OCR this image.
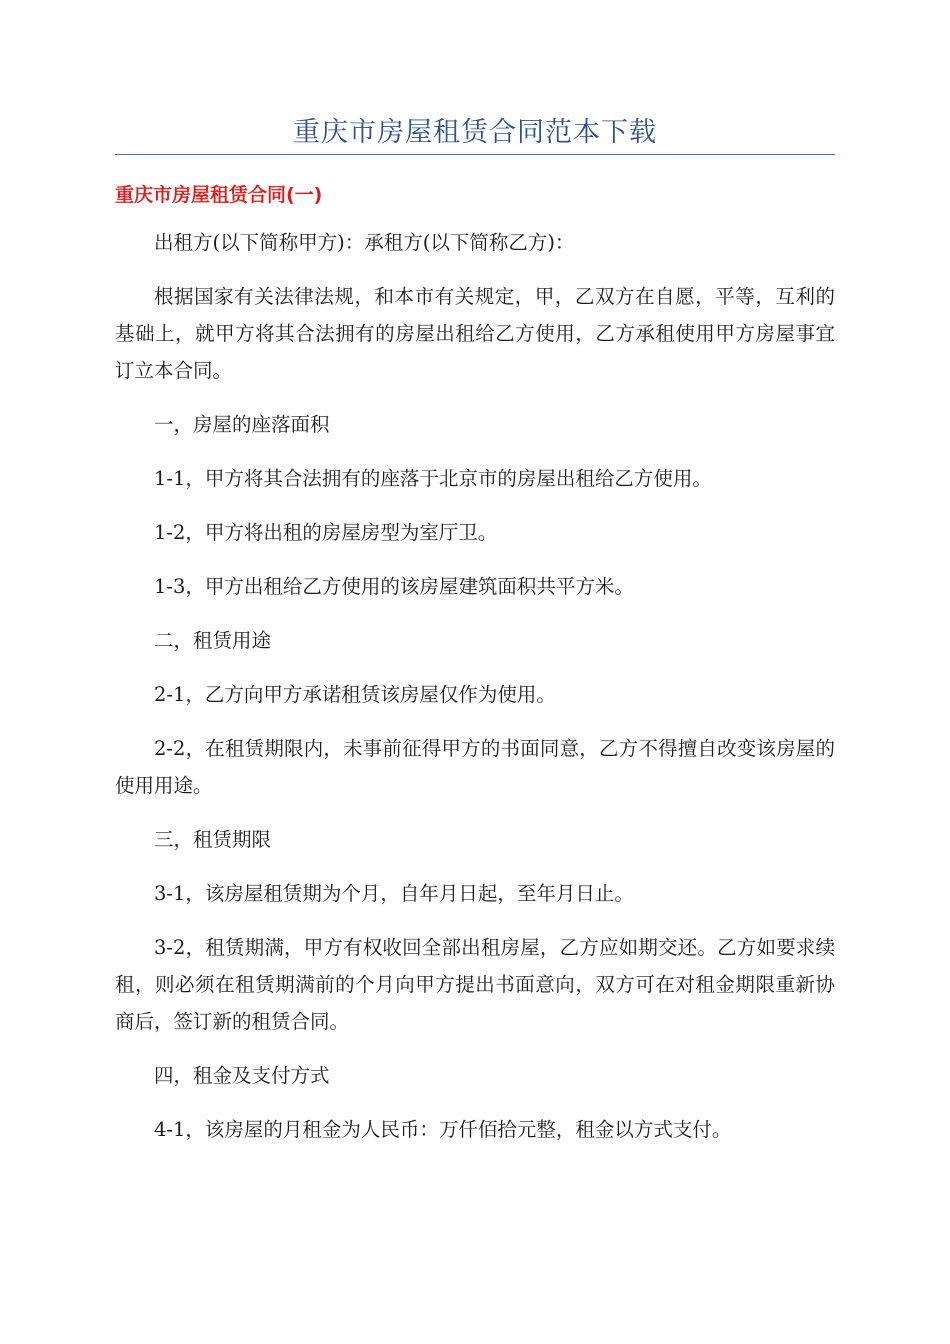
重庆市房屋租赁合同范本下载
重庆市房屋租赁合同(一)

出租方(以下简称甲方)：承租方(以下简称乙方)：

根据国家有关法律法规，和本市有关规定，甲，乙双方在自愿，平等，互利的基础上，就甲方将其合法拥有的房屋出租给乙方使用，乙方承租使用甲方房屋事宜订立本合同。

一，房屋的座落面积

1-1，甲方将其合法拥有的座落于北京市的房屋出租给乙方使用。

1-2，甲方将出租的房屋房型为室厅卫。

1-3，甲方出租给乙方使用的该房屋建筑面积共平方米。

二，租赁用途

2-1，乙方向甲方承诺租赁该房屋仅作为使用。

2-2，在租赁期限内，未事前征得甲方的书面同意，乙方不得擅自改变该房屋的使用用途。

三，租赁期限

3-1，该房屋租赁期为个月，自年月日起，至年月日止。

3-2，租赁期满，甲方有权收回全部出租房屋，乙方应如期交还。乙方如要求续租，则必须在租赁期满前的个月向甲方提出书面意向，双方可在对租金期限重新协商后，签订新的租赁合同。

四，租金及支付方式

4-1，该房屋的月租金为人民币：万仟佰拾元整，租金以方式支付。
